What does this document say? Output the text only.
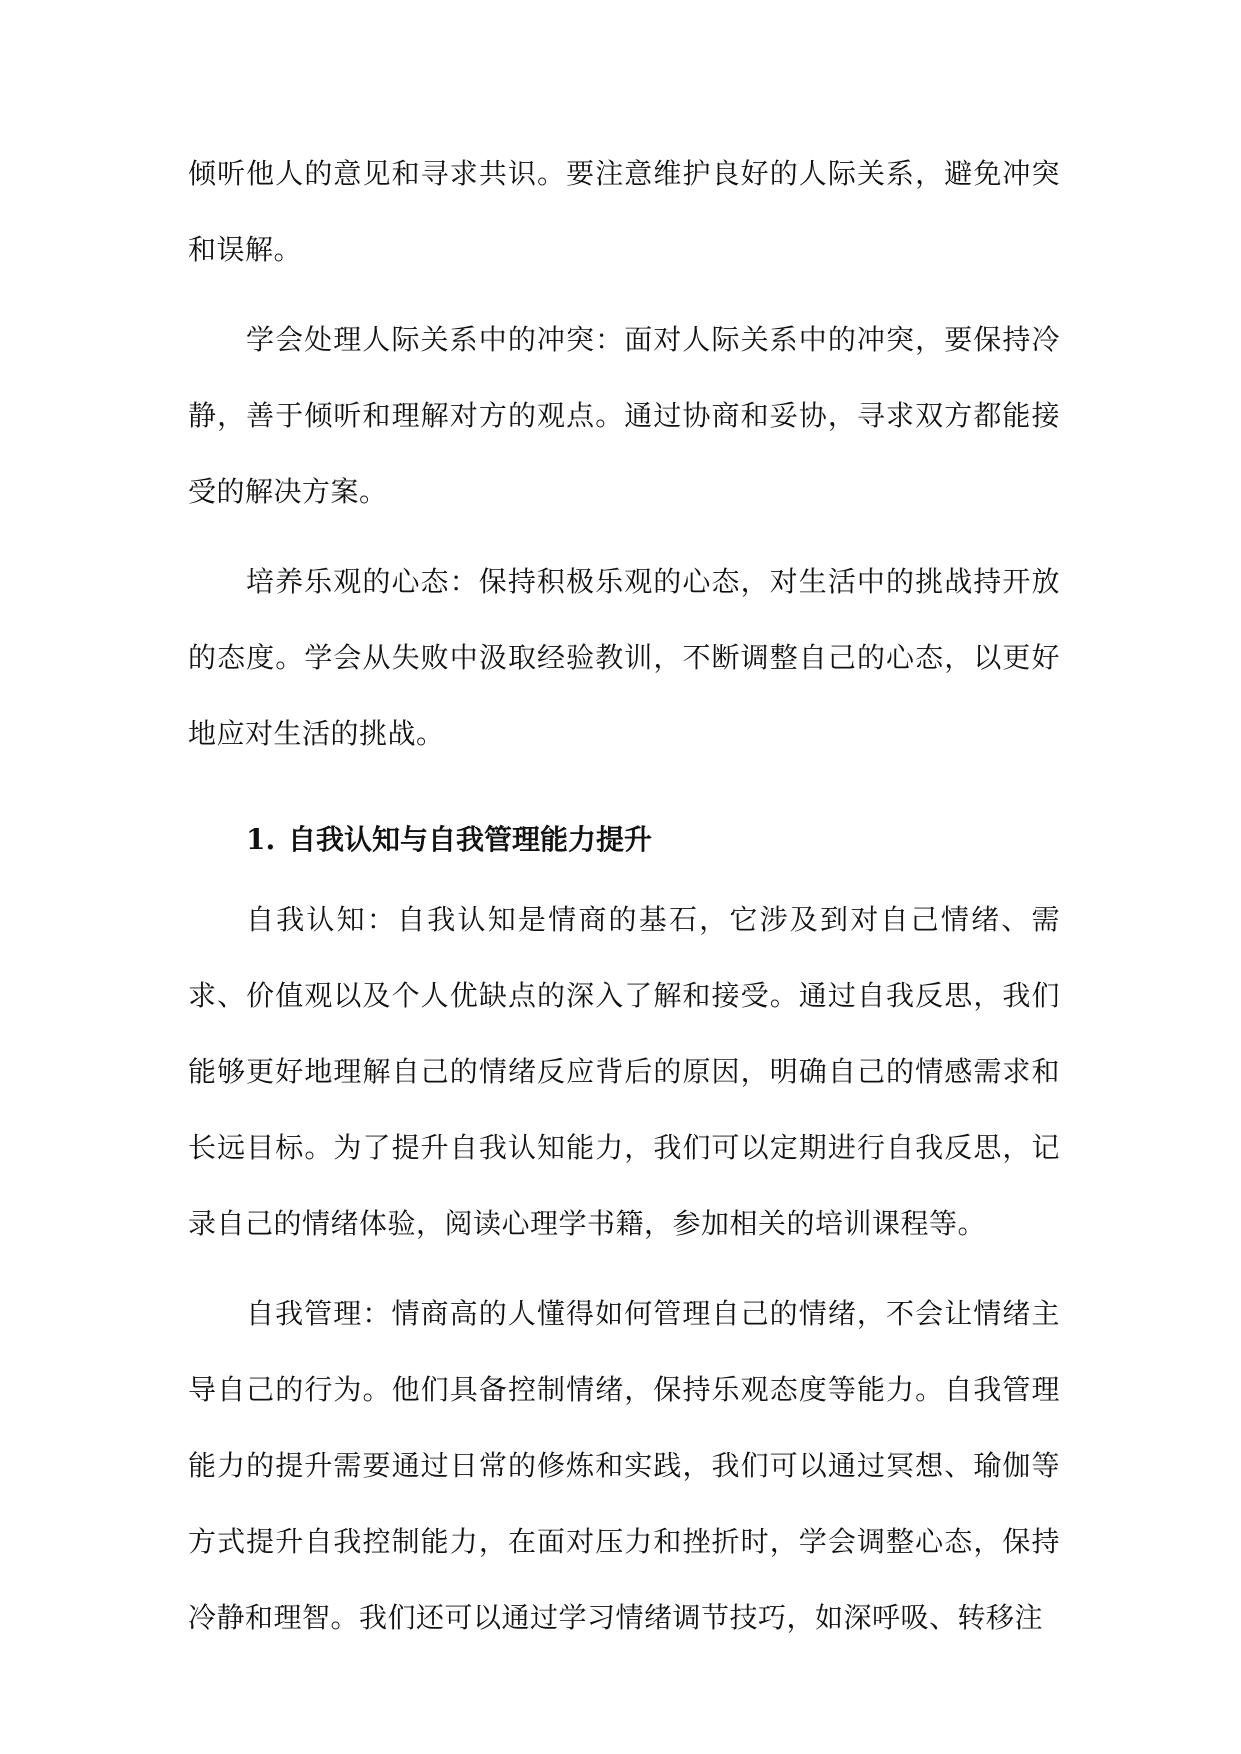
倾听他人的意见和寻求共识。要注意维护良好的人际关系，避免冲突和误解。

学会处理人际关系中的冲突：面对人际关系中的冲突，要保持冷静，善于倾听和理解对方的观点。通过协商和妥协，寻求双方都能接受的解决方案。

培养乐观的心态：保持积极乐观的心态，对生活中的挑战持开放的态度。学会从失败中汲取经验教训，不断调整自己的心态，以更好地应对生活的挑战。

1. 自我认知与自我管理能力提升

自我认知：自我认知是情商的基石，它涉及到对自己情绪、需求、价值观以及个人优缺点的深入了解和接受。通过自我反思，我们能够更好地理解自己的情绪反应背后的原因，明确自己的情感需求和长远目标。为了提升自我认知能力，我们可以定期进行自我反思，记录自己的情绪体验，阅读心理学书籍，参加相关的培训课程等。

自我管理：情商高的人懂得如何管理自己的情绪，不会让情绪主导自己的行为。他们具备控制情绪，保持乐观态度等能力。自我管理能力的提升需要通过日常的修炼和实践，我们可以通过冥想、瑜伽等方式提升自我控制能力，在面对压力和挫折时，学会调整心态，保持冷静和理智。我们还可以通过学习情绪调节技巧，如深呼吸、转移注
